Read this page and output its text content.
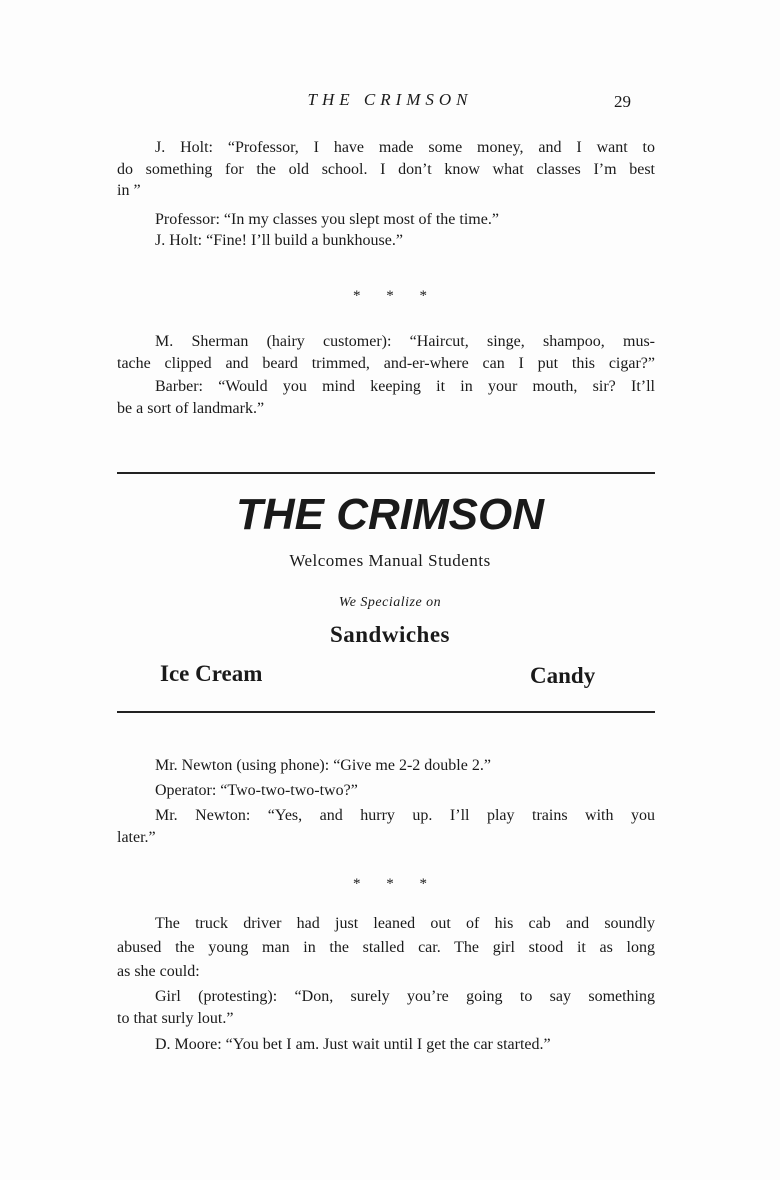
THE CRIMSON	29
J. Holt: “Professor, I have made some money, and I want to
do something for the old school. I don’t know what classes I’m best
in ”
Professor: “In my classes you slept most of the time.”
J. Holt: “Fine! I’ll build a bunkhouse.”
* * *
M. Sherman (hairy customer): “Haircut, singe, shampoo, mus-
tache clipped and beard trimmed, and-er-where can I put this cigar?”
Barber: “Would you mind keeping it in your mouth, sir? It’ll
be a sort of landmark.”
THE CRIMSON
Welcomes Manual Students
We Specialize on
Sandwiches
Ice Cream	Candy
Mr. Newton (using phone): “Give me 2-2 double 2.”
Operator: “Two-two-two-two?”
Mr. Newton: “Yes, and hurry up. I’ll play trains with you
later.”
* * *
The truck driver had just leaned out of his cab and soundly
abused the young man in the stalled car. The girl stood it as long
as she could:
Girl (protesting): “Don, surely you’re going to say something
to that surly lout.”
D. Moore: “You bet I am. Just wait until I get the car started.”
